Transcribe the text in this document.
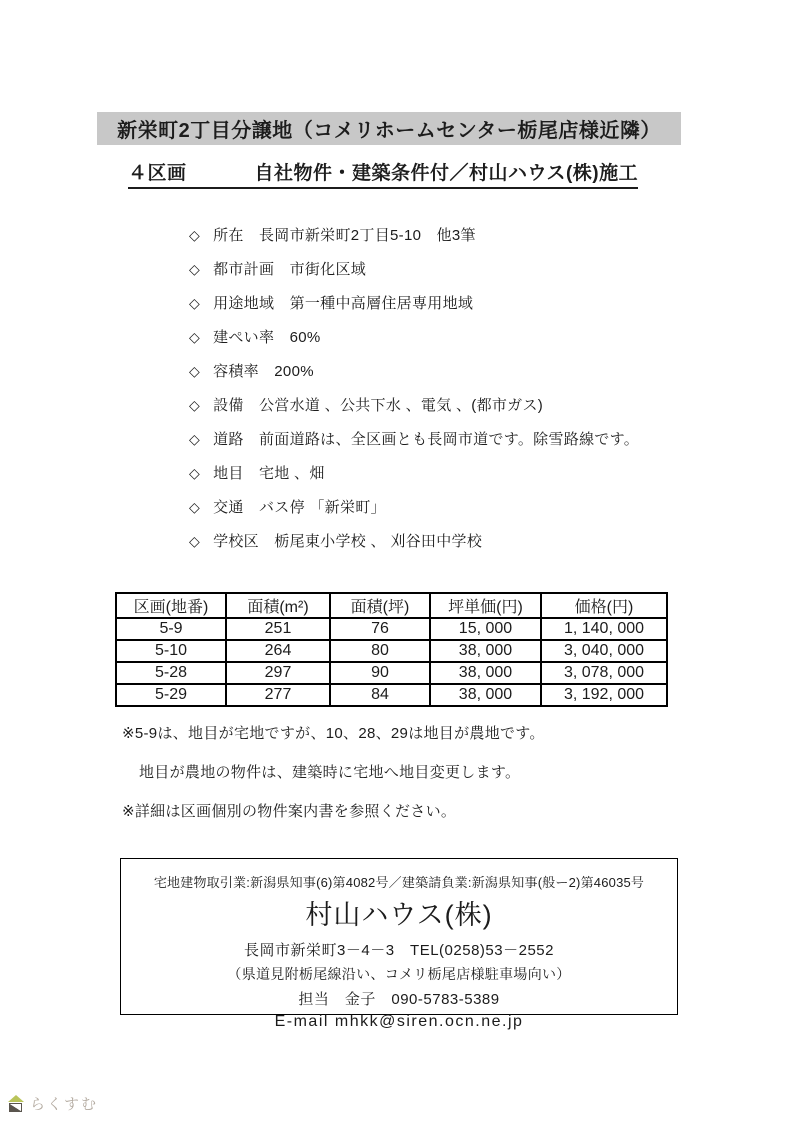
新栄町2丁目分譲地（コメリホームセンター栃尾店様近隣）
４区画	自社物件・建築条件付／村山ハウス(株)施工
◇ 所在　長岡市新栄町2丁目5-10　他3筆
◇ 都市計画　市街化区域
◇ 用途地域　第一種中高層住居専用地域
◇ 建ぺい率　60%
◇ 容積率　200%
◇ 設備　公営水道 、公共下水 、電気 、(都市ガス)
◇ 道路　前面道路は、全区画とも長岡市道です。除雪路線です。
◇ 地目　宅地 、畑
◇ 交通　バス停 「新栄町」
◇ 学校区　栃尾東小学校 、 刈谷田中学校
区画(地番)	面積(m²)	面積(坪)	坪単価(円)	価格(円)
5-9	251	76	15, 000	1, 140, 000
5-10	264	80	38, 000	3, 040, 000
5-28	297	90	38, 000	3, 078, 000
5-29	277	84	38, 000	3, 192, 000
※5-9は、地目が宅地ですが、10、28、29は地目が農地です。
地目が農地の物件は、建築時に宅地へ地目変更します。
※詳細は区画個別の物件案内書を参照ください。
宅地建物取引業:新潟県知事(6)第4082号／建築請負業:新潟県知事(般ー2)第46035号
村山ハウス(株)
長岡市新栄町3－4－3　TEL(0258)53－2552
（県道見附栃尾線沿い、コメリ栃尾店様駐車場向い）
担当　金子　090-5783-5389
E-mail mhkk@siren.ocn.ne.jp
らくすむ
